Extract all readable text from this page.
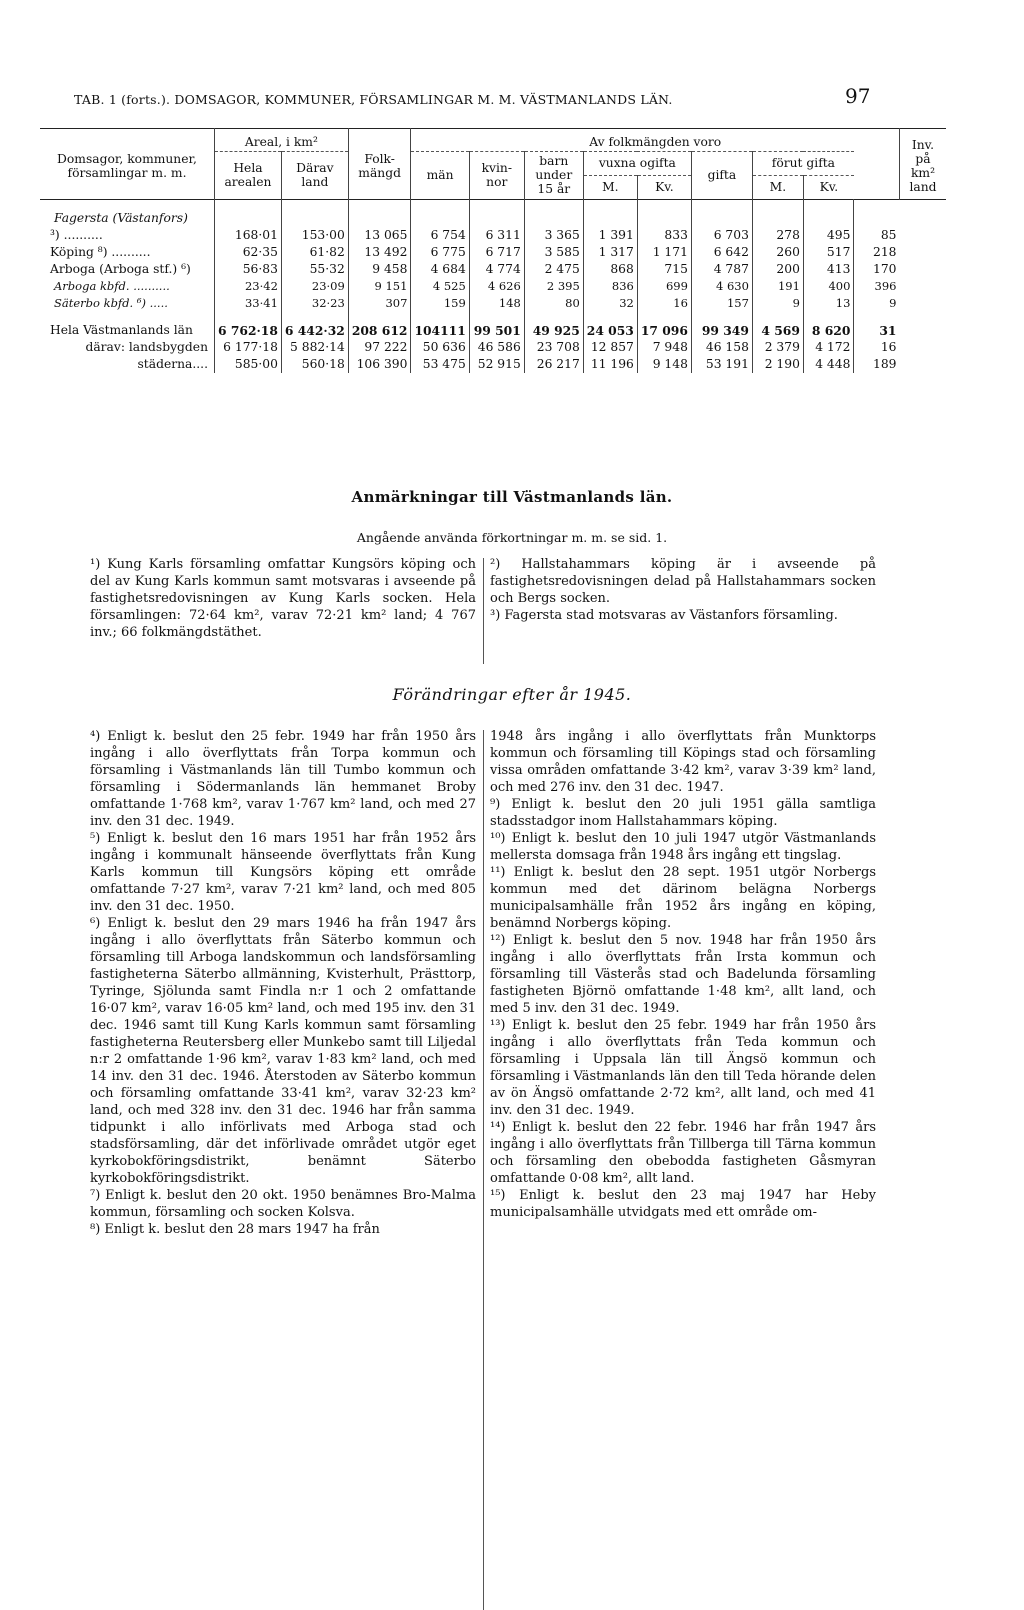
TAB. 1 (forts.). DOMSAGOR, KOMMUNER, FÖRSAMLINGAR M. M. VÄSTMANLANDS LÄN.	97
Domsagor, kommuner, församlingar m. m.	Areal, i km²		Folk-mängd	Av folkmängden voro									Inv. på km² land
	Hela arealen	Därav land		män	kvin-nor	barn under 15 år	vuxna ogifta		gifta	förut gifta			
							M.	Kv.		M.	Kv.		

Fagersta (Västanfors)													
³) ..........	168·01	153·00	13 065	6 754	6 311	3 365	1 391	833	6 703	278	495	85	
Köping ⁸) ..........	62·35	61·82	13 492	6 775	6 717	3 585	1 317	1 171	6 642	260	517	218	
Arboga (Arboga stf.) ⁶)	56·83	55·32	9 458	4 684	4 774	2 475	868	715	4 787	200	413	170	
Arboga kbfd. ..........	23·42	23·09	9 151	4 525	4 626	2 395	836	699	4 630	191	400	396	
Säterbo kbfd. ⁶) .....	33·41	32·23	307	159	148	80	32	16	157	9	13	9	

Hela Västmanlands län	6 762·18	6 442·32	208 612	104111	99 501	49 925	24 053	17 096	99 349	4 569	8 620	31	
därav: landsbygden	6 177·18	5 882·14	97 222	50 636	46 586	23 708	12 857	7 948	46 158	2 379	4 172	16	
städerna....	585·00	560·18	106 390	53 475	52 915	26 217	11 196	9 148	53 191	2 190	4 448	189	
Anmärkningar till Västmanlands län.
Angående använda förkortningar m. m. se sid. 1.

¹) Kung Karls församling omfattar Kungsörs köping och del av Kung Karls kommun samt motsvaras i avseende på fastighetsredovisningen av Kung Karls socken. Hela församlingen: 72·64 km², varav 72·21 km² land; 4 767 inv.; 66 folkmängdstäthet.

²) Hallstahammars köping är i avseende på fastighetsredovisningen delad på Hallstahammars socken och Bergs socken.

³) Fagersta stad motsvaras av Västanfors församling.

Förändringar efter år 1945.

⁴) Enligt k. beslut den 25 febr. 1949 har från 1950 års ingång i allo överflyttats från Torpa kommun och församling i Västmanlands län till Tumbo kommun och församling i Södermanlands län hemmanet Broby omfattande 1·768 km², varav 1·767 km² land, och med 27 inv. den 31 dec. 1949.

⁵) Enligt k. beslut den 16 mars 1951 har från 1952 års ingång i kommunalt hänseende överflyttats från Kung Karls kommun till Kungsörs köping ett område omfattande 7·27 km², varav 7·21 km² land, och med 805 inv. den 31 dec. 1950.

⁶) Enligt k. beslut den 29 mars 1946 ha från 1947 års ingång i allo överflyttats från Säterbo kommun och församling till Arboga landskommun och landsförsamling fastigheterna Säterbo allmänning, Kvisterhult, Prästtorp, Tyringe, Sjölunda samt Findla n:r 1 och 2 omfattande 16·07 km², varav 16·05 km² land, och med 195 inv. den 31 dec. 1946 samt till Kung Karls kommun samt församling fastigheterna Reutersberg eller Munkebo samt till Liljedal n:r 2 omfattande 1·96 km², varav 1·83 km² land, och med 14 inv. den 31 dec. 1946. Återstoden av Säterbo kommun och församling omfattande 33·41 km², varav 32·23 km² land, och med 328 inv. den 31 dec. 1946 har från samma tidpunkt i allo införlivats med Arboga stad och stadsförsamling, där det införlivade området utgör eget kyrkobokföringsdistrikt, benämnt Säterbo kyrkobokföringsdistrikt.

⁷) Enligt k. beslut den 20 okt. 1950 benämnes Bro-Malma kommun, församling och socken Kolsva.

⁸) Enligt k. beslut den 28 mars 1947 ha från

1948 års ingång i allo överflyttats från Munktorps kommun och församling till Köpings stad och församling vissa områden omfattande 3·42 km², varav 3·39 km² land, och med 276 inv. den 31 dec. 1947.

⁹) Enligt k. beslut den 20 juli 1951 gälla samtliga stadsstadgor inom Hallstahammars köping.

¹⁰) Enligt k. beslut den 10 juli 1947 utgör Västmanlands mellersta domsaga från 1948 års ingång ett tingslag.

¹¹) Enligt k. beslut den 28 sept. 1951 utgör Norbergs kommun med det därinom belägna Norbergs municipalsamhälle från 1952 års ingång en köping, benämnd Norbergs köping.

¹²) Enligt k. beslut den 5 nov. 1948 har från 1950 års ingång i allo överflyttats från Irsta kommun och församling till Västerås stad och Badelunda församling fastigheten Björnö omfattande 1·48 km², allt land, och med 5 inv. den 31 dec. 1949.

¹³) Enligt k. beslut den 25 febr. 1949 har från 1950 års ingång i allo överflyttats från Teda kommun och församling i Uppsala län till Ängsö kommun och församling i Västmanlands län den till Teda hörande delen av ön Ängsö omfattande 2·72 km², allt land, och med 41 inv. den 31 dec. 1949.

¹⁴) Enligt k. beslut den 22 febr. 1946 har från 1947 års ingång i allo överflyttats från Tillberga till Tärna kommun och församling den obebodda fastigheten Gåsmyran omfattande 0·08 km², allt land.

¹⁵) Enligt k. beslut den 23 maj 1947 har Heby municipalsamhälle utvidgats med ett område om-
